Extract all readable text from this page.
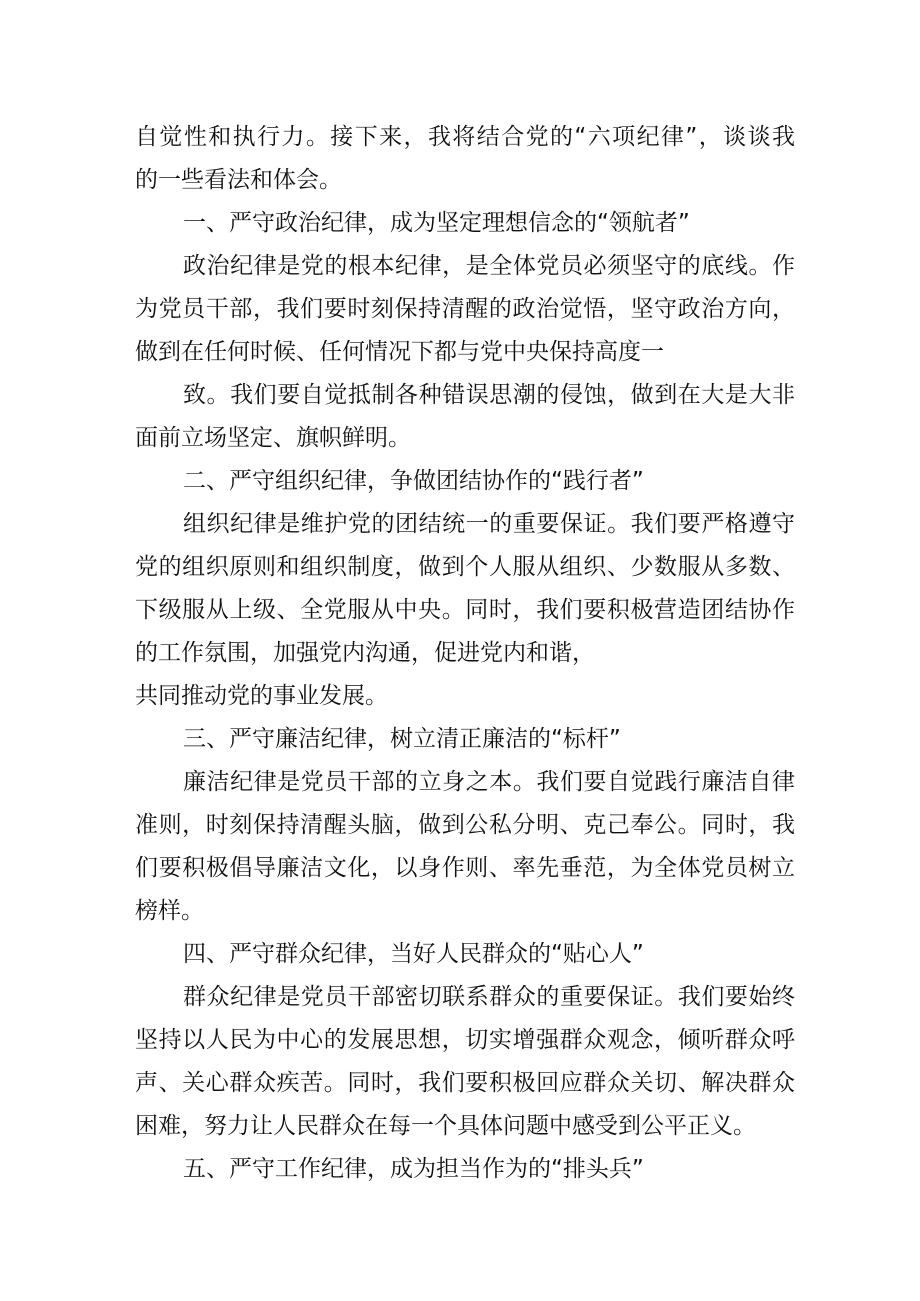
自觉性和执行力。接下来，我将结合党的“六项纪律”，谈谈我
的一些看法和体会。
一、严守政治纪律，成为坚定理想信念的“领航者”
政治纪律是党的根本纪律，是全体党员必须坚守的底线。作
为党员干部，我们要时刻保持清醒的政治觉悟，坚守政治方向，
做到在任何时候、任何情况下都与党中央保持高度一
致。我们要自觉抵制各种错误思潮的侵蚀，做到在大是大非
面前立场坚定、旗帜鲜明。
二、严守组织纪律，争做团结协作的“践行者”
组织纪律是维护党的团结统一的重要保证。我们要严格遵守
党的组织原则和组织制度，做到个人服从组织、少数服从多数、
下级服从上级、全党服从中央。同时，我们要积极营造团结协作
的工作氛围，加强党内沟通，促进党内和谐，
共同推动党的事业发展。
三、严守廉洁纪律，树立清正廉洁的“标杆”
廉洁纪律是党员干部的立身之本。我们要自觉践行廉洁自律
准则，时刻保持清醒头脑，做到公私分明、克己奉公。同时，我
们要积极倡导廉洁文化，以身作则、率先垂范，为全体党员树立
榜样。
四、严守群众纪律，当好人民群众的“贴心人”
群众纪律是党员干部密切联系群众的重要保证。我们要始终
坚持以人民为中心的发展思想，切实增强群众观念，倾听群众呼
声、关心群众疾苦。同时，我们要积极回应群众关切、解决群众
困难，努力让人民群众在每一个具体问题中感受到公平正义。
五、严守工作纪律，成为担当作为的“排头兵”
